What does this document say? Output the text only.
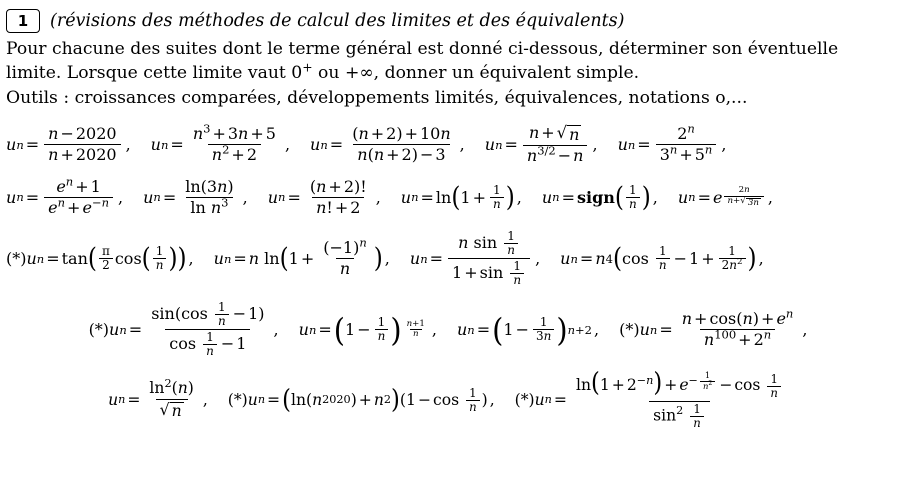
1	(révisions des méthodes de calcul des limites et des équivalents)

Pour chacune des suites dont le terme général est donné ci-dessous, déterminer son éventuelle

limite. Lorsque cette limite vaut 0+ ou +∞, donner un équivalent simple.

Outils : croissances comparées, développements limités, équivalences, notations o,...

u $n = \frac{n - 2020}{n + 2020}$ ,	u $n = \frac{n^3 + 3n + 5}{n^2 + 2}$ ,	u $n = \frac{(n + 2) + 10n}{n(n + 2) - 3}$ ,	u $n = \frac{n + √ n}{n^{3/2} - n}$ ,	u $n = \frac{2^n}{3^n + 5^n}$ ,
u $n = \frac{e^n + 1}{e^n + e^{-n}}$ ,	u $n = \frac{\ln(3n)}{\ln n^3}$ ,	u $n = \frac{(n + 2)!}{n! + 2}$ ,	u n = ln ( $1 + \frac{1}{n}$ ) ,	u n = sign ( $\frac{1}{n}$ ) ,	u n = e $\frac{2n}{n+ √ 3n}$ ,
(*) u n = tan ( $\frac{\pi}{2}$ cos ( $\frac{1}{n}$ ) ) ,	u n = n
ln ( $1 + \frac{(-1)^n}{n}$ ) ,	u $n = \frac{n \sin \frac{1}{n}}{1 + \sin \frac{1}{n}}$ ,	u n = n 4 ( cos
$\frac{1}{n} - 1 + \frac{1}{2n^2}$ ) ,
(*) u $n = \frac{\sin(\cos \frac{1}{n} - 1)}{\cos \frac{1}{n} - 1}$ ,	u n = ( $1 - \frac{1}{n}$ ) $\frac{n+1}{n}$ ,	u n = ( $1 - \frac{1}{3n}$ ) n+2 ,	(*) u $n = \frac{n + \cos(n) + e^n}{n^{100} + 2^n}$ ,
u $n = \frac{\ln^2(n)}{√ n}$ ,	(*) u n = ( ln( n 2020 ) + n 2 ) ( 1 − cos
$\frac{1}{n}$ ) ,	(*) u $n = \ln(1 + 2^{-n}) + e^{- \frac{1}{n^2}} - \cos \frac{1}{n}$
$\sin^2 \frac{1}{n}$
